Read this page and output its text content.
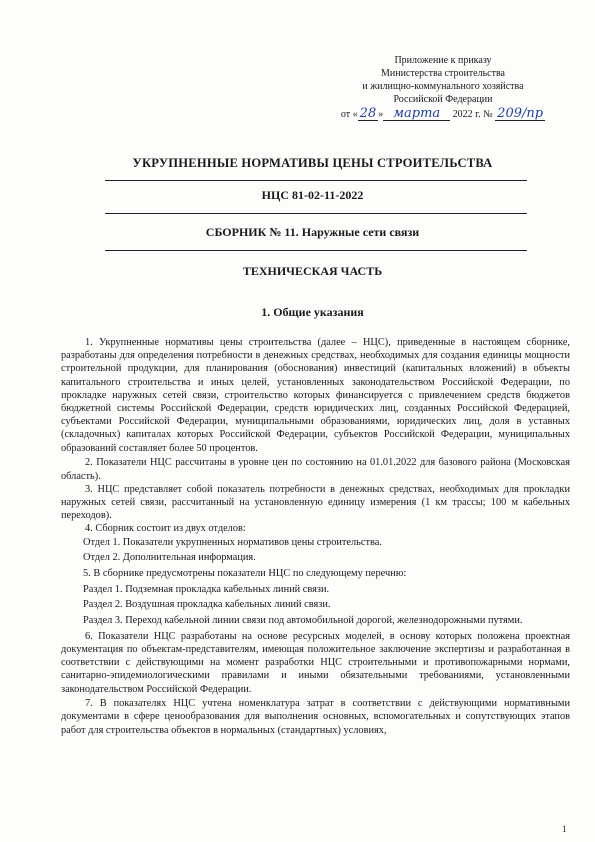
Приложение к приказу
Министерства строительства
и жилищно-коммунального хозяйства
Российской Федерации
от « 28 » марта 2022 г. № 209/пр
УКРУПНЕННЫЕ НОРМАТИВЫ ЦЕНЫ СТРОИТЕЛЬСТВА
НЦС 81-02-11-2022
СБОРНИК № 11. Наружные сети связи
ТЕХНИЧЕСКАЯ ЧАСТЬ
1. Общие указания

1. Укрупненные нормативы цены строительства (далее – НЦС), приведенные в настоящем сборнике, разработаны для определения потребности в денежных средствах, необходимых для создания единицы мощности строительной продукции, для планирования (обоснования) инвестиций (капитальных вложений) в объекты капитального строительства и иных целей, установленных законодательством Российской Федерации, по прокладке наружных сетей связи, строительство которых финансируется с привлечением средств бюджетов бюджетной системы Российской Федерации, средств юридических лиц, созданных Российской Федерацией, субъектами Российской Федерации, муниципальными образованиями, юридических лиц, доля в уставных (складочных) капиталах которых Российской Федерации, субъектов Российской Федерации, муниципальных образований составляет более 50 процентов.

2. Показатели НЦС рассчитаны в уровне цен по состоянию на 01.01.2022 для базового района (Московская область).

3. НЦС представляет собой показатель потребности в денежных средствах, необходимых для прокладки наружных сетей связи, рассчитанный на установленную единицу измерения (1 км трассы; 100 м кабельных переходов).

4. Сборник состоит из двух отделов:

Отдел 1. Показатели укрупненных нормативов цены строительства.

Отдел 2. Дополнительная информация.

5. В сборнике предусмотрены показатели НЦС по следующему перечню:

Раздел 1. Подземная прокладка кабельных линий связи.

Раздел 2. Воздушная прокладка кабельных линий связи.

Раздел 3. Переход кабельной линии связи под автомобильной дорогой, железнодорожными путями.

6. Показатели НЦС разработаны на основе ресурсных моделей, в основу которых положена проектная документация по объектам-представителям, имеющая положительное заключение экспертизы и разработанная в соответствии с действующими на момент разработки НЦС строительными и противопожарными нормами, санитарно-эпидемиологическими правилами и иными обязательными требованиями, установленными законодательством Российской Федерации.

7. В показателях НЦС учтена номенклатура затрат в соответствии с действующими нормативными документами в сфере ценообразования для выполнения основных, вспомогательных и сопутствующих этапов работ для строительства объектов в нормальных (стандартных) условиях,

1
